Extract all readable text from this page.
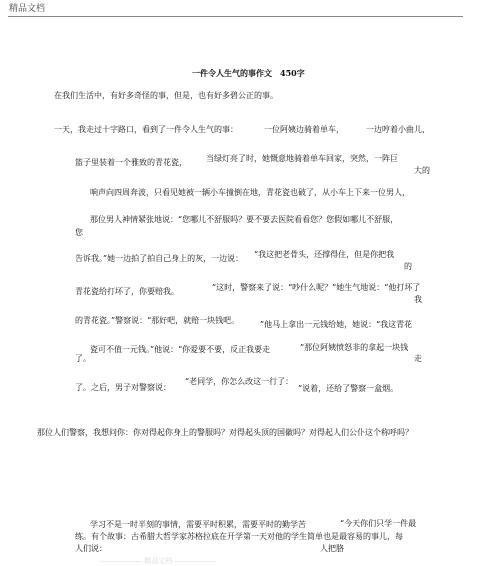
精品文档
一件令人生气的事作文　450字
在我们生活中，有好多奇怪的事，但是，也有好多碧公正的事。
一天，我走过十字路口，看到了一件令人生气的事：	一位阿姨边骑着单车，	一边哼着小曲儿，
篮子里装着一个雅致的青花瓷， 当绿灯亮了时，她慨意地骑着单车回家，突然，一阵巨
大的
响声向四周奔波，只看见她被一辆小车撞倒在地，青花瓷也破了，从小车上下来一位男人，
那位男人神情紧张地说：“您哪儿不舒服吗？要不要去医院看看您？您假如哪儿不舒服，
您
告诉我。”她一边拍了拍自己身上的灰，一边说： “我这把老骨头，还撑得住，但是你把我
的
青花瓷给打坏了，你要赔我。	”这时，警察来了说：“吵什么呢？”她生气地说：“他打坏了
我
的青花瓷。”警察说：“那好吧，就赔一块钱吧。	”他马上拿出一元钱给她，她说：“我这青花
瓷可不值一元钱。”他说：“你爱要不要，反正我要走	”那位阿姨愤怒非的拿起一块钱
走
了。
了。之后，男子对警察说：
“老同学，你怎么改这一行了：
”说着，还给了警察一盒烟。
那位人们警察，我想问你：你对得起你身上的警服吗？对得起头顶的国徽吗？对得起人们公仆这个称呼吗？
学习不是一时半刻的事情，需要平时积累，需要平时的勤学苦	“今天你们只学一件最
练。有个故事：古希腊大哲学家苏格拉底在开学第一天对他的学生简单也是最容易的事儿，每
人们说：	人把胳
—————— 精品文档 ——————
